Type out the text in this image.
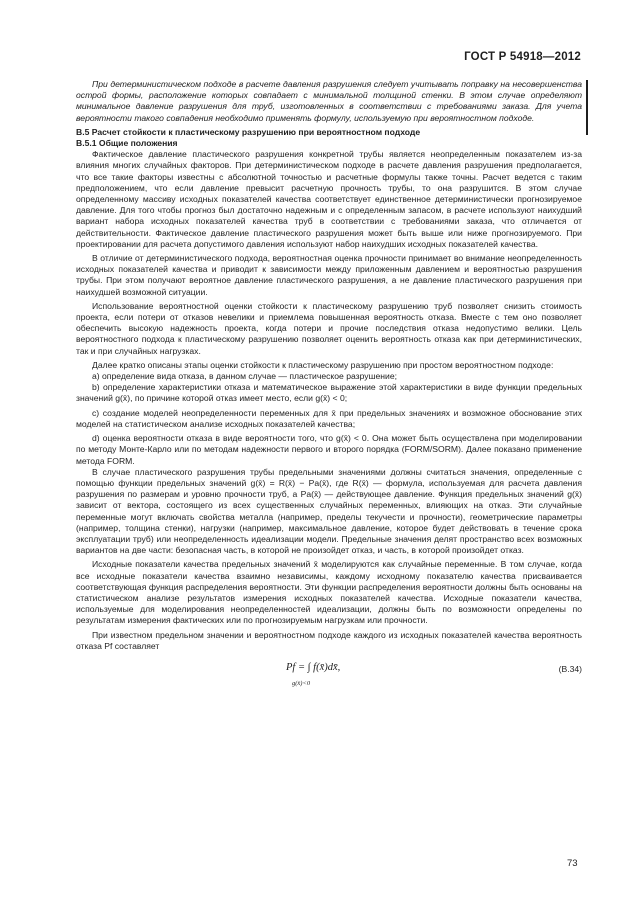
ГОСТ Р 54918—2012

При детерминистическом подходе в расчете давления разрушения следует учитывать поправку на несовершенства острой формы, расположение которых совпадает с минимальной толщиной стенки. В этом случае определяют минимальное давление разрушения для труб, изготовленных в соответствии с требованиями заказа. Для учета вероятности такого совпадения необходимо применять формулу, используемую при вероятностном подходе.

В.5 Расчет стойкости к пластическому разрушению при вероятностном подходе

В.5.1 Общие положения

Фактическое давление пластического разрушения конкретной трубы является неопределенным показателем из-за влияния многих случайных факторов. При детерминистическом подходе в расчете давления разрушения предполагается, что все такие факторы известны с абсолютной точностью и расчетные формулы также точны. Расчет ведется с таким предположением, что если давление превысит расчетную прочность трубы, то она разрушится. В этом случае определенному массиву исходных показателей качества соответствует единственное детерминистически прогнозируемое давление. Для того чтобы прогноз был достаточно надежным и с определенным запасом, в расчете используют наихудший вариант набора исходных показателей качества труб в соответствии с требованиями заказа, что отличается от действительности. Фактическое давление пластического разрушения может быть выше или ниже прогнозируемого. При проектировании для расчета допустимого давления используют набор наихудших исходных показателей качества.

В отличие от детерминистического подхода, вероятностная оценка прочности принимает во внимание неопределенность исходных показателей качества и приводит к зависимости между приложенным давлением и вероятностью разрушения трубы. При этом получают вероятное давление пластического разрушения, а не давление пластического разрушения при наихудшей возможной ситуации.

Использование вероятностной оценки стойкости к пластическому разрушению труб позволяет снизить стоимость проекта, если потери от отказов невелики и приемлема повышенная вероятность отказа. Вместе с тем оно позволяет обеспечить высокую надежность проекта, когда потери и прочие последствия отказа недопустимо велики. Цель вероятностного подхода к пластическому разрушению позволяет оценить вероятность отказа как при детерминистических, так и при случайных нагрузках.

Далее кратко описаны этапы оценки стойкости к пластическому разрушению при простом вероятностном подходе:

a) определение вида отказа, в данном случае — пластическое разрушение;

b) определение характеристики отказа и математическое выражение этой характеристики в виде функции предельных значений g(x̄), по причине которой отказ имеет место, если g(x̄) < 0;

c) создание моделей неопределенности переменных для x̄ при предельных значениях и возможное обоснование этих моделей на статистическом анализе исходных показателей качества;

d) оценка вероятности отказа в виде вероятности того, что g(x̄) < 0. Она может быть осуществлена при моделировании по методу Монте-Карло или по методам надежности первого и второго порядка (FORM/SORM). Далее показано применение метода FORM.

В случае пластического разрушения трубы предельными значениями должны считаться значения, определенные с помощью функции предельных значений g(x̄) = R(x̄) − Pa(x̄), где R(x̄) — формула, используемая для расчета давления разрушения по размерам и уровню прочности труб, а Pa(x̄) — действующее давление. Функция предельных значений g(x̄) зависит от вектора, состоящего из всех существенных случайных переменных, влияющих на отказ. Эти случайные переменные могут включать свойства металла (например, пределы текучести и прочности), геометрические параметры (например, толщина стенки), нагрузки (например, максимальное давление, которое будет действовать в течение срока эксплуатации труб) или неопределенность идеализации модели. Предельные значения делят пространство всех возможных вариантов на две части: безопасная часть, в которой не произойдет отказ, и часть, в которой произойдет отказ.

Исходные показатели качества предельных значений x̄ моделируются как случайные переменные. В том случае, когда все исходные показатели качества взаимно независимы, каждому исходному показателю качества присваивается соответствующая функция распределения вероятности. Эти функции распределения вероятности должны быть основаны на статистическом анализе результатов измерения исходных показателей качества. Исходные показатели качества, используемые для моделирования неопределенностей идеализации, должны быть по возможности определены по результатам измерения фактических или по прогнозируемым нагрузкам или прочности.

При известном предельном значении и вероятностном подходе каждого из исходных показателей качества вероятность отказа Pf составляет

Pf = ∫ f(x̄)dx̄,
g(x̄)<0
(В.34)
73
